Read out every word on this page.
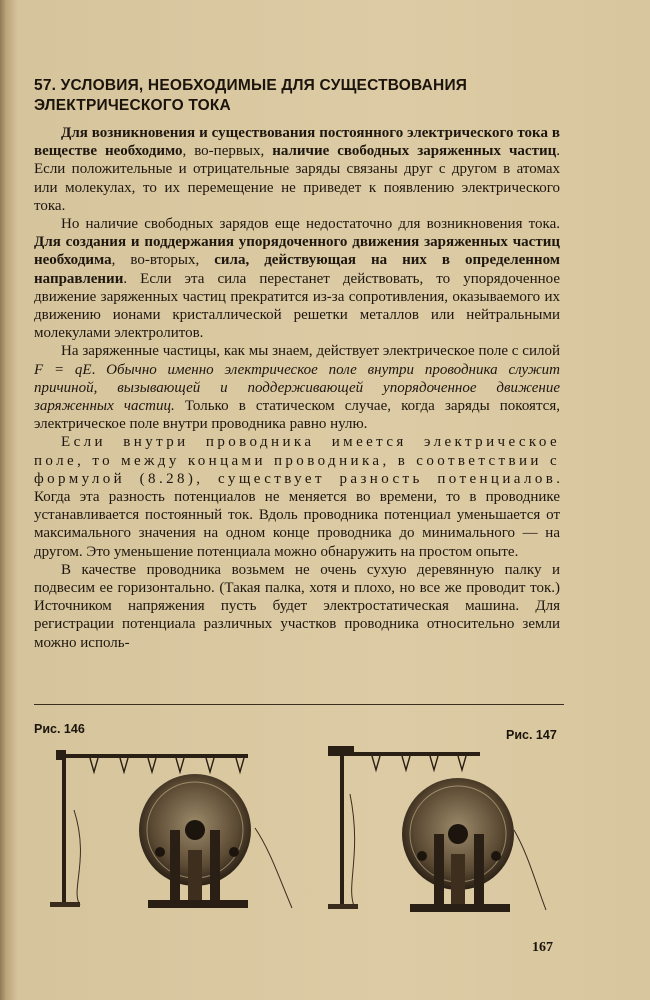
57. УСЛОВИЯ, НЕОБХОДИМЫЕ ДЛЯ СУЩЕСТВОВАНИЯ
ЭЛЕКТРИЧЕСКОГО ТОКА

Для возникновения и существования постоянного электрического тока в веществе необходимо, во-первых, наличие свободных заряженных частиц. Если положительные и отрицательные заряды связаны друг с другом в атомах или молекулах, то их перемещение не приведет к появлению электрического тока.

Но наличие свободных зарядов еще недостаточно для возникновения тока. Для создания и поддержания упорядоченного движения заряженных частиц необходима, во-вторых, сила, действующая на них в определенном направлении. Если эта сила перестанет действовать, то упорядоченное движение заряженных частиц прекратится из-за сопротивления, оказываемого их движению ионами кристаллической решетки металлов или нейтральными молекулами электролитов.

На заряженные частицы, как мы знаем, действует электрическое поле с силой F = qE. Обычно именно электрическое поле внутри проводника служит причиной, вызывающей и поддерживающей упорядоченное движение заряженных частиц. Только в статическом случае, когда заряды покоятся, электрическое поле внутри проводника равно нулю.

Если внутри проводника имеется электрическое поле, то между концами проводника, в соответствии с формулой (8.28), существует разность потенциалов. Когда эта разность потенциалов не меняется во времени, то в проводнике устанавливается постоянный ток. Вдоль проводника потенциал уменьшается от максимального значения на одном конце проводника до минимального — на другом. Это уменьшение потенциала можно обнаружить на простом опыте.

В качестве проводника возьмем не очень сухую деревянную палку и подвесим ее горизонтально. (Такая палка, хотя и плохо, но все же проводит ток.) Источником напряжения пусть будет электростатическая машина. Для регистрации потенциала различных участков проводника относительно земли можно исполь-

Рис. 146	Рис. 147
167
